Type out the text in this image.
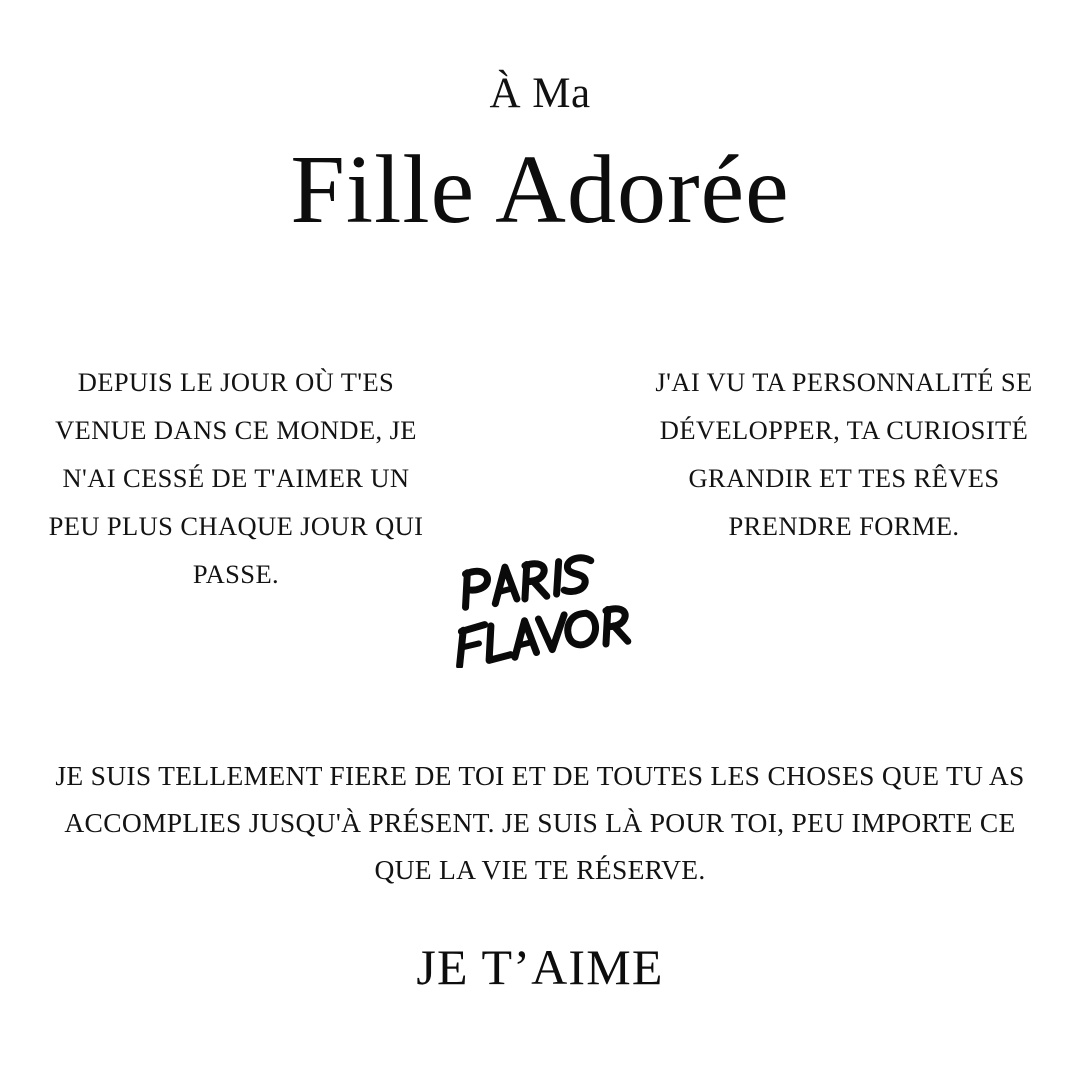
À Ma
Fille Adorée
DEPUIS LE JOUR OÙ T'ES VENUE DANS CE MONDE, JE N'AI CESSÉ DE T'AIMER UN PEU PLUS CHAQUE JOUR QUI PASSE.
J'AI VU TA PERSONNALITÉ SE DÉVELOPPER, TA CURIOSITÉ GRANDIR ET TES RÊVES PRENDRE FORME.
JE SUIS TELLEMENT FIERE DE TOI ET DE TOUTES LES CHOSES QUE TU AS ACCOMPLIES JUSQU'À PRÉSENT. JE SUIS LÀ POUR TOI, PEU IMPORTE CE QUE LA VIE TE RÉSERVE.
JE T’AIME
